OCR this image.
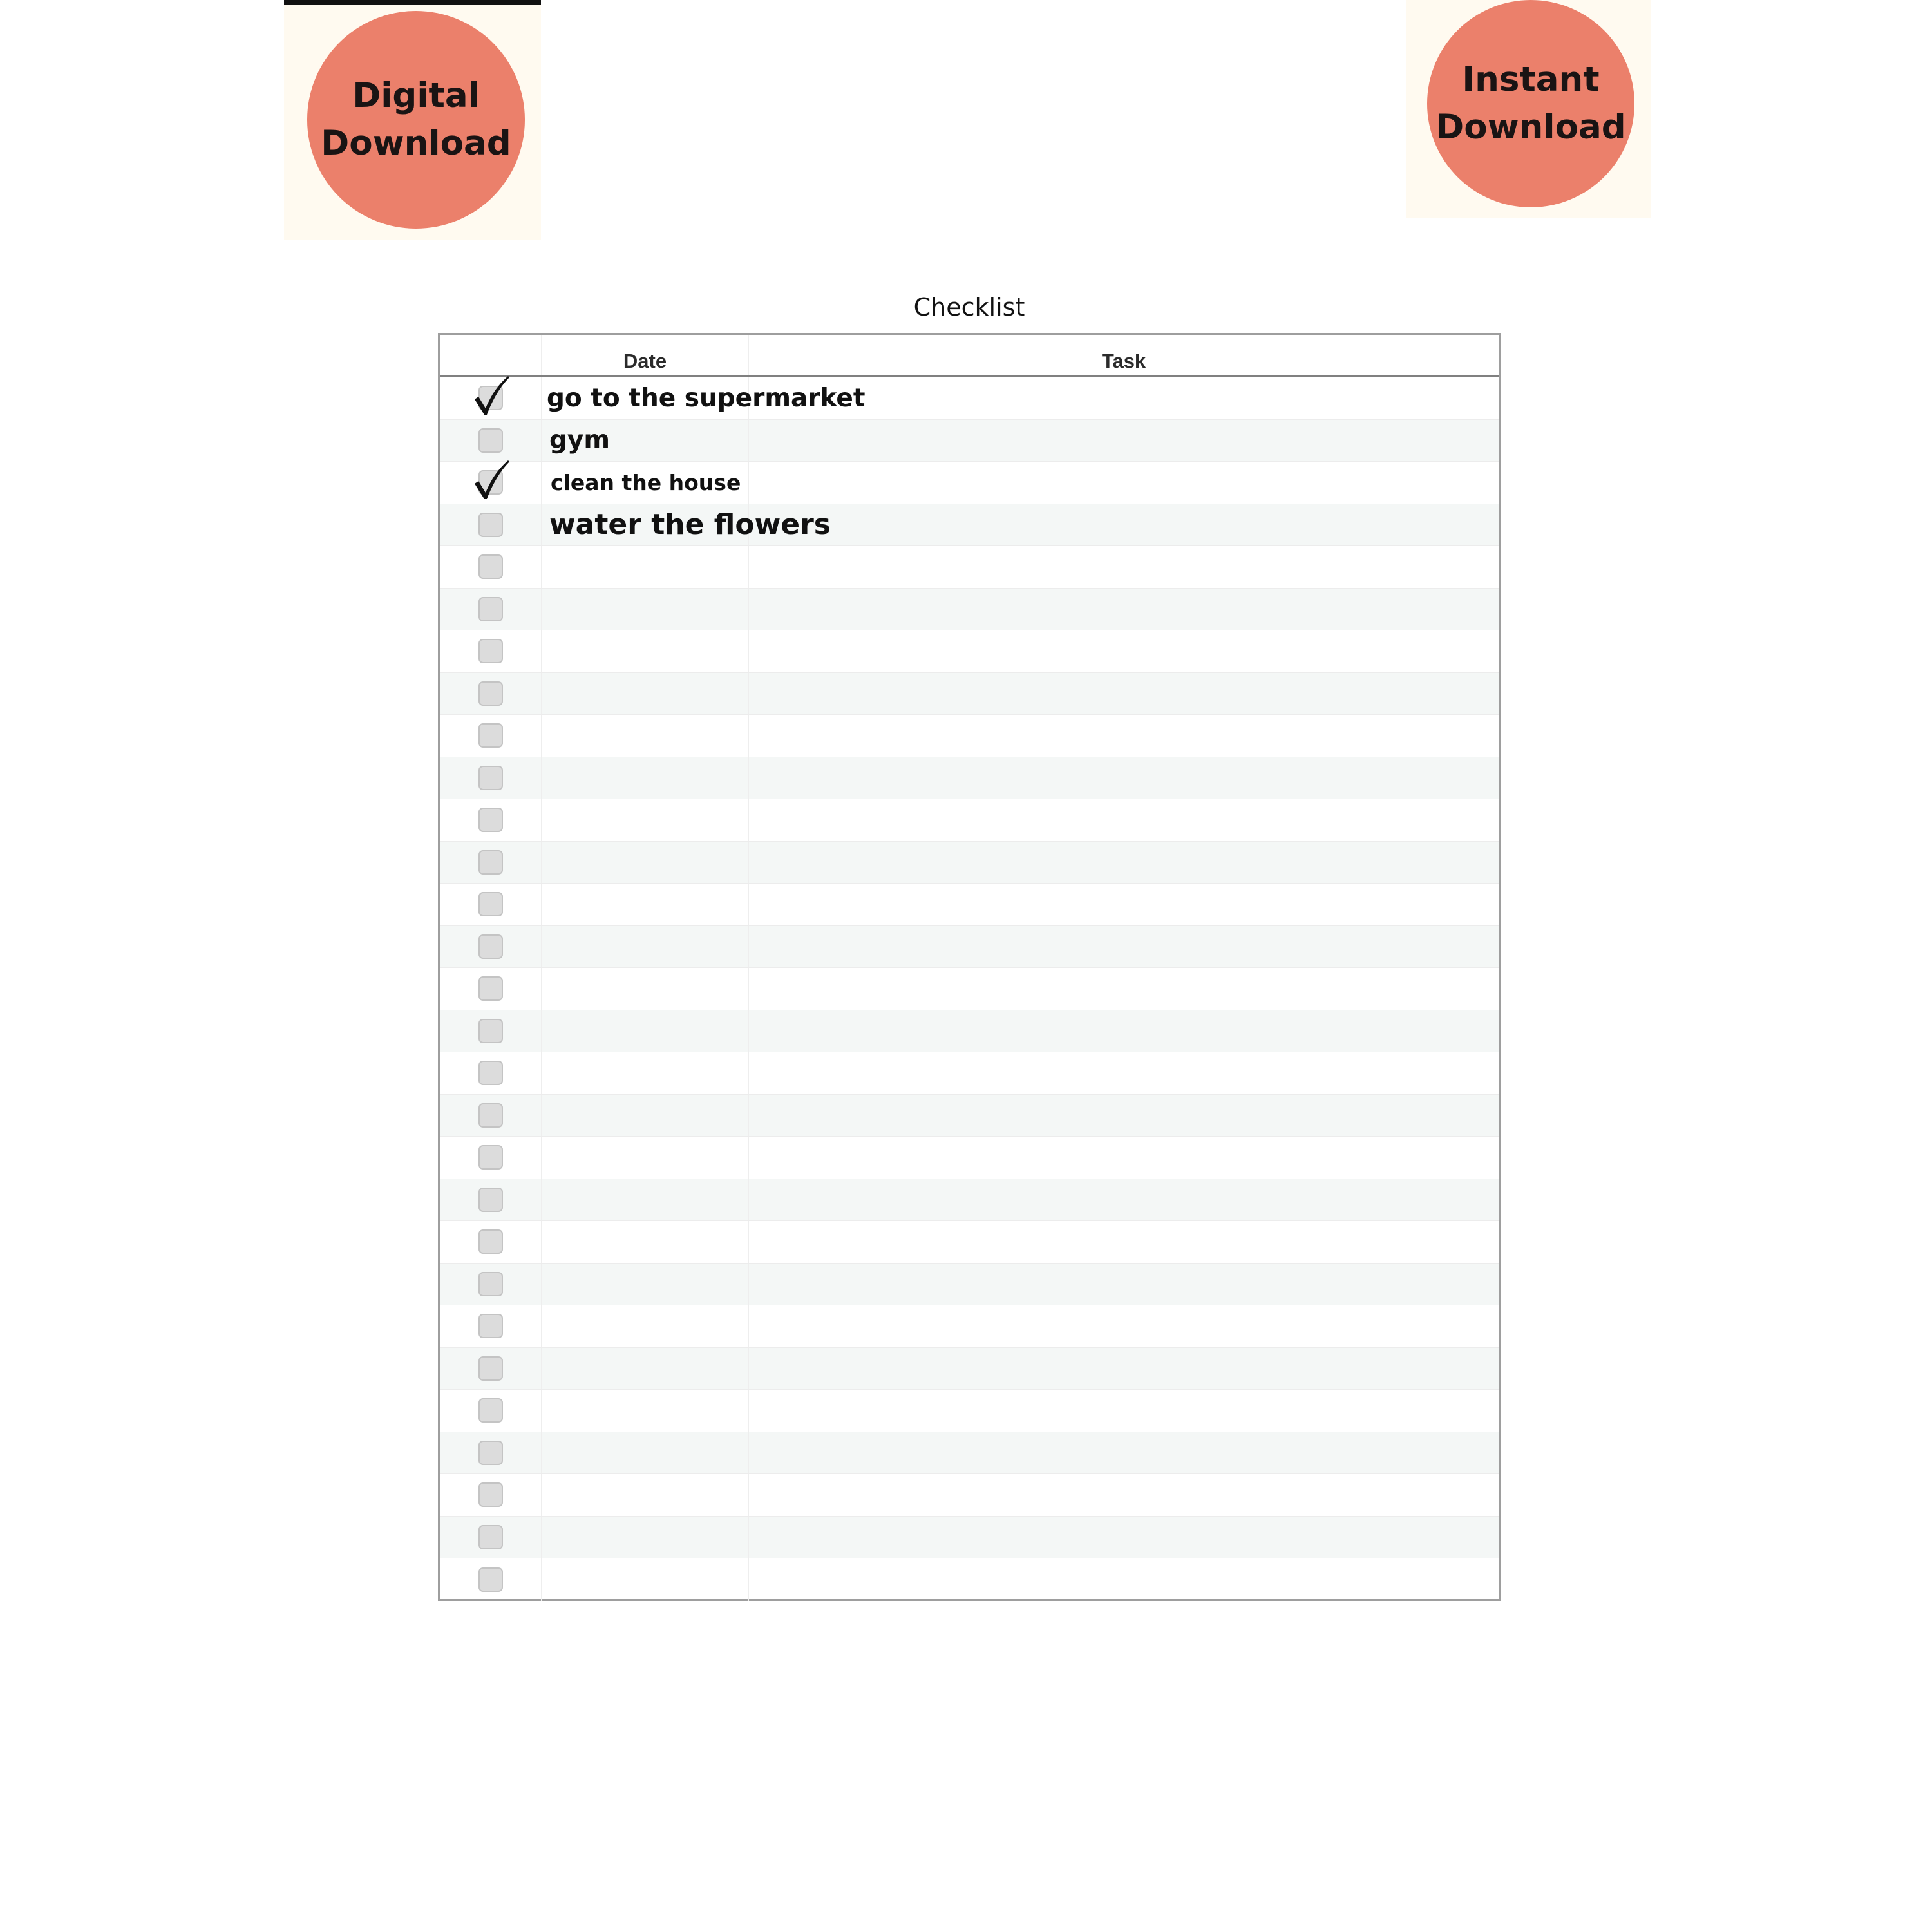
Digital
Download
Instant
Download
Checklist
Date	Task
go to the supermarket
gym
clean the house
water the flowers
